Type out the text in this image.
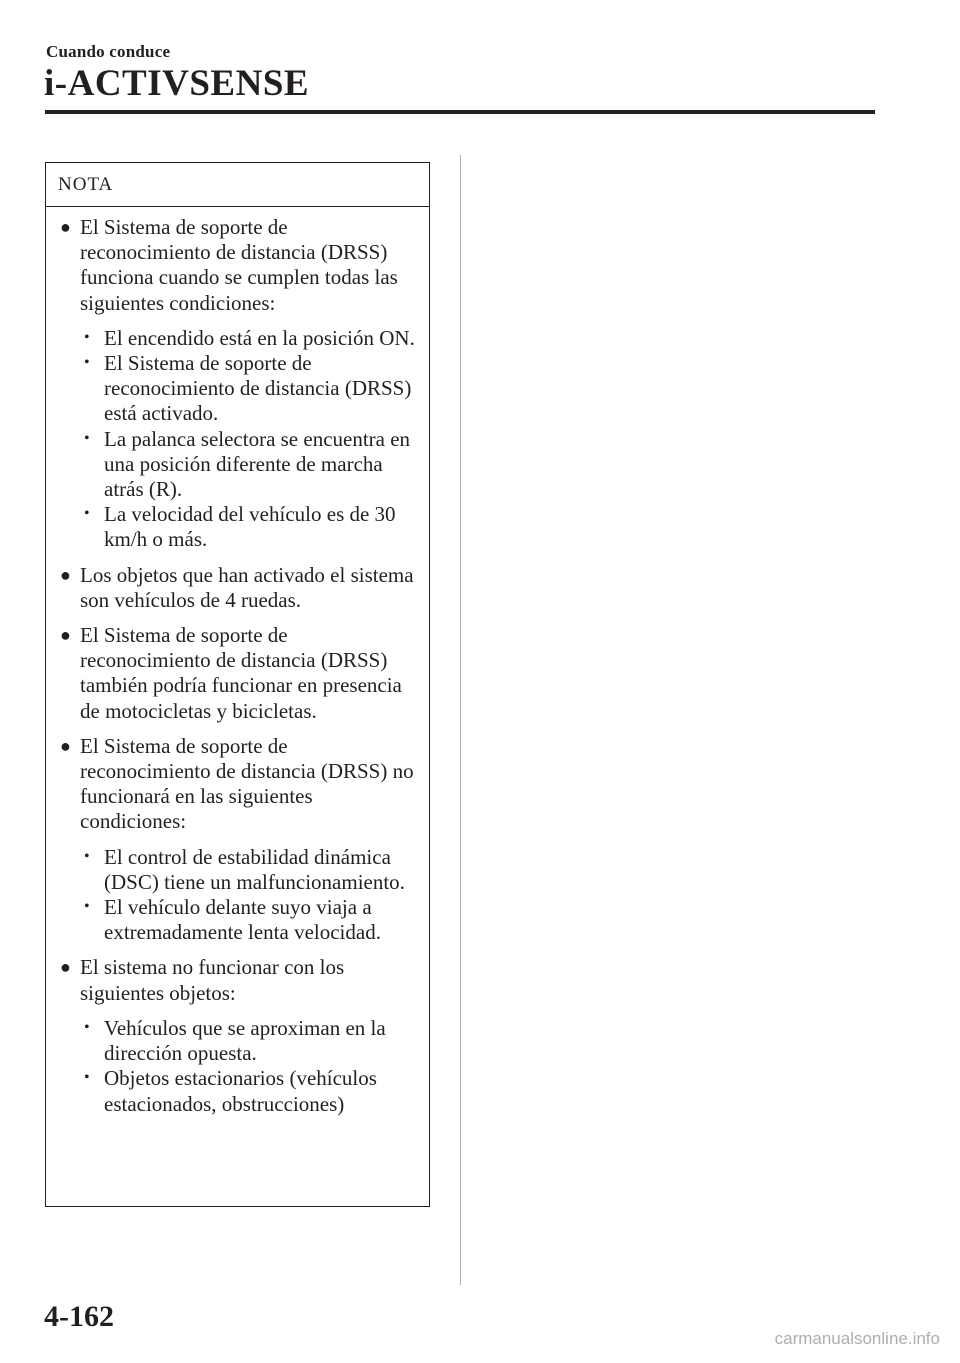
Cuando conduce
i-ACTIVSENSE
NOTA
● El Sistema de soporte de reconocimiento de distancia (DRSS) funciona cuando se cumplen todas las siguientes condiciones:
• El encendido está en la posición ON.
• El Sistema de soporte de reconocimiento de distancia (DRSS) está activado.
• La palanca selectora se encuentra en una posición diferente de marcha atrás (R).
• La velocidad del vehículo es de 30 km/h o más.
● Los objetos que han activado el sistema son vehículos de 4 ruedas.
● El Sistema de soporte de reconocimiento de distancia (DRSS) también podría funcionar en presencia de motocicletas y bicicletas.
● El Sistema de soporte de reconocimiento de distancia (DRSS) no funcionará en las siguientes condiciones:
• El control de estabilidad dinámica (DSC) tiene un malfuncionamiento.
• El vehículo delante suyo viaja a extremadamente lenta velocidad.
● El sistema no funcionar con los siguientes objetos:
• Vehículos que se aproximan en la dirección opuesta.
• Objetos estacionarios (vehículos estacionados, obstrucciones)
4-162
carmanualsonline.info
